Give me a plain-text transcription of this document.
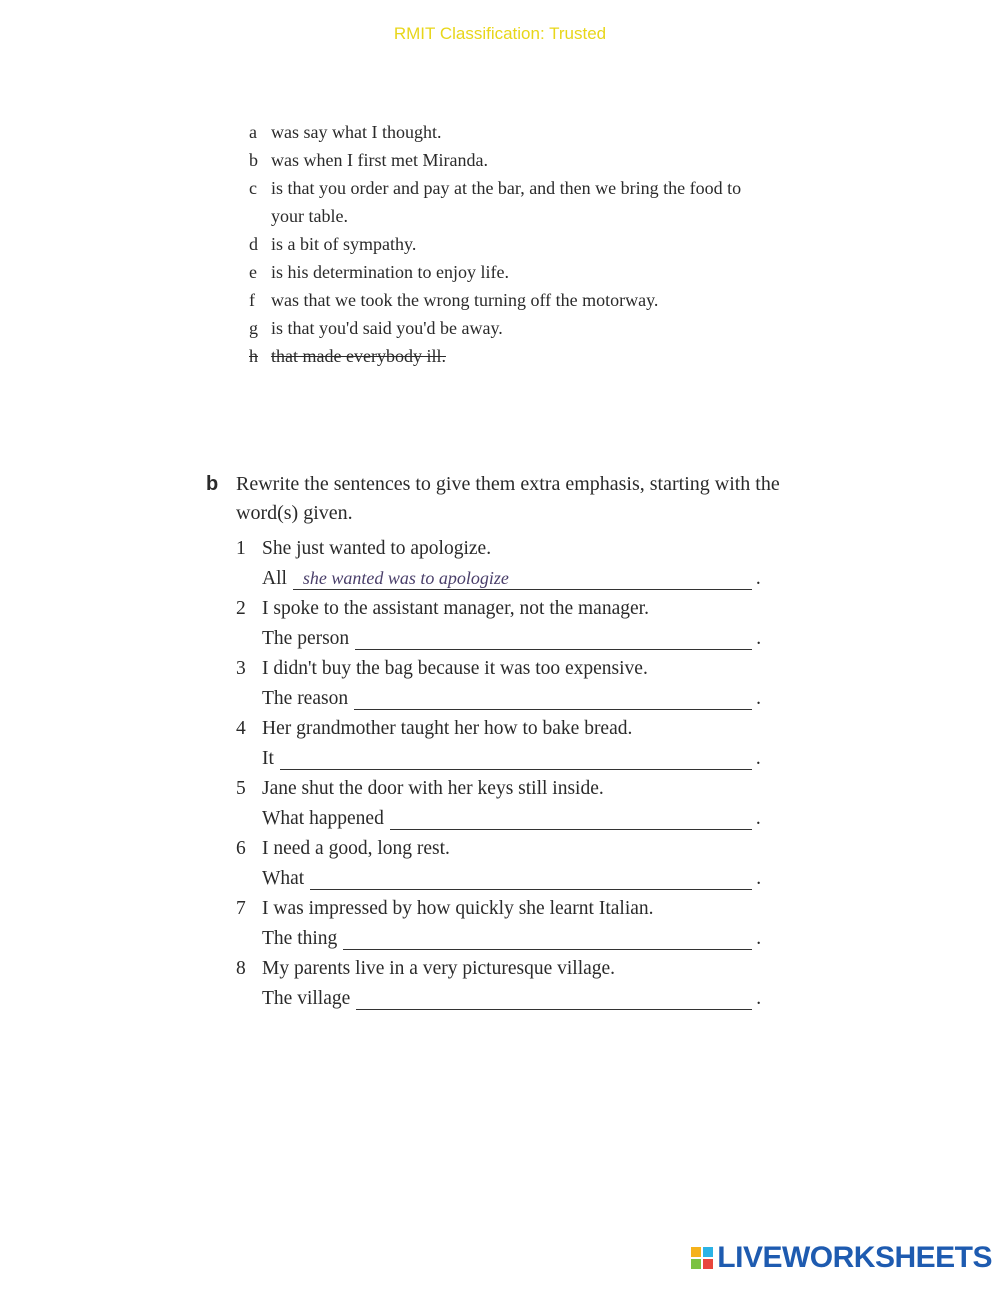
RMIT Classification: Trusted
a was say what I thought.
b was when I first met Miranda.
c is that you order and pay at the bar, and then we bring the food to your table.
d is a bit of sympathy.
e is his determination to enjoy life.
f was that we took the wrong turning off the motorway.
g is that you'd said you'd be away.
h that made everybody ill.
b Rewrite the sentences to give them extra emphasis, starting with the word(s) given.
1 She just wanted to apologize.
All she wanted was to apologize	.
2 I spoke to the assistant manager, not the manager.
The person	.
3 I didn't buy the bag because it was too expensive.
The reason	.
4 Her grandmother taught her how to bake bread.
It	.
5 Jane shut the door with her keys still inside.
What happened	.
6 I need a good, long rest.
What	.
7 I was impressed by how quickly she learnt Italian.
The thing	.
8 My parents live in a very picturesque village.
The village	.
LIVEWORKSHEETS
